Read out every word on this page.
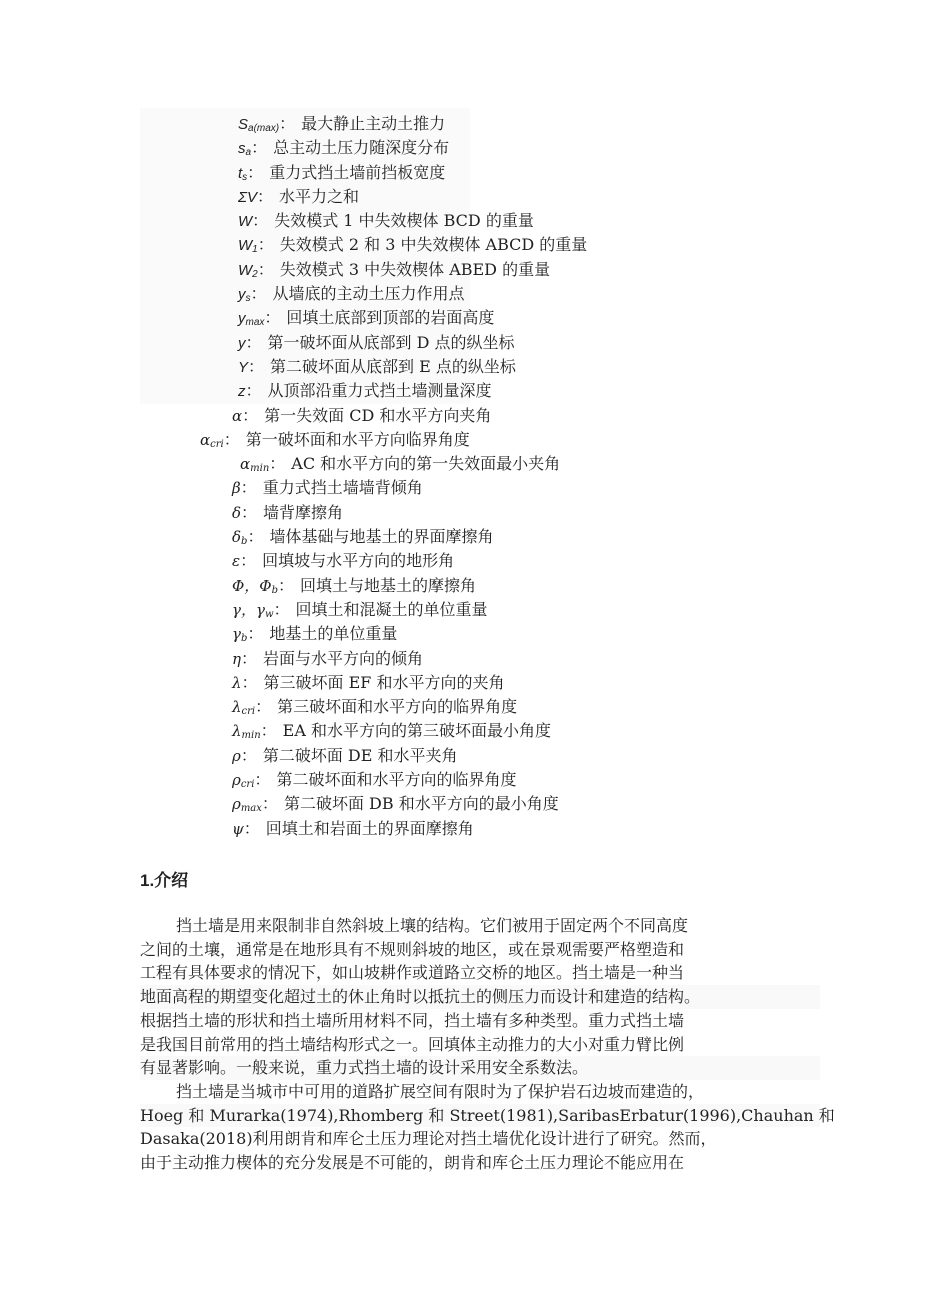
$S_{a(max)}$： 最大静止主动土推力
$s_a$： 总主动土压力随深度分布
$t_s$： 重力式挡土墙前挡板宽度
ΣV： 水平力之和
W： 失效模式 1 中失效楔体 BCD 的重量
$W_1$： 失效模式 2 和 3 中失效楔体 ABCD 的重量
$W_2$： 失效模式 3 中失效楔体 ABED 的重量
$y_s$： 从墙底的主动土压力作用点
$y_{max}$： 回填土底部到顶部的岩面高度
y： 第一破坏面从底部到 D 点的纵坐标
Y： 第二破坏面从底部到 E 点的纵坐标
z： 从顶部沿重力式挡土墙测量深度
α： 第一失效面 CD 和水平方向夹角
$\alpha_{cri}$： 第一破坏面和水平方向临界角度
$\alpha_{min}$： AC 和水平方向的第一失效面最小夹角
β： 重力式挡土墙墙背倾角
δ： 墙背摩擦角
$\delta_b$： 墙体基础与地基土的界面摩擦角
ε： 回填坡与水平方向的地形角
Φ，$\Phi_b$： 回填土与地基土的摩擦角
γ，$\gamma_w$： 回填土和混凝土的单位重量
$\gamma_b$： 地基土的单位重量
η： 岩面与水平方向的倾角
λ： 第三破坏面 EF 和水平方向的夹角
$\lambda_{cri}$： 第三破坏面和水平方向的临界角度
$\lambda_{min}$： EA 和水平方向的第三破坏面最小角度
ρ： 第二破坏面 DE 和水平夹角
$\rho_{cri}$： 第二破坏面和水平方向的临界角度
$\rho_{max}$： 第二破坏面 DB 和水平方向的最小角度
ψ： 回填土和岩面土的界面摩擦角
1.介绍
挡土墙是用来限制非自然斜坡上壤的结构。它们被用于固定两个不同高度
之间的土壤，通常是在地形具有不规则斜坡的地区，或在景观需要严格塑造和
工程有具体要求的情况下，如山坡耕作或道路立交桥的地区。挡土墙是一种当
地面高程的期望变化超过土的休止角时以抵抗土的侧压力而设计和建造的结构。
根据挡土墙的形状和挡土墙所用材料不同，挡土墙有多种类型。重力式挡土墙
是我国目前常用的挡土墙结构形式之一。回填体主动推力的大小对重力臂比例
有显著影响。一般来说，重力式挡土墙的设计采用安全系数法。
挡土墙是当城市中可用的道路扩展空间有限时为了保护岩石边坡而建造的，
Hoeg 和 Murarka(1974),Rhomberg 和 Street(1981),SaribasErbatur(1996),Chauhan 和
Dasaka(2018)利用朗肯和库仑土压力理论对挡土墙优化设计进行了研究。然而，
由于主动推力楔体的充分发展是不可能的，朗肯和库仑土压力理论不能应用在
